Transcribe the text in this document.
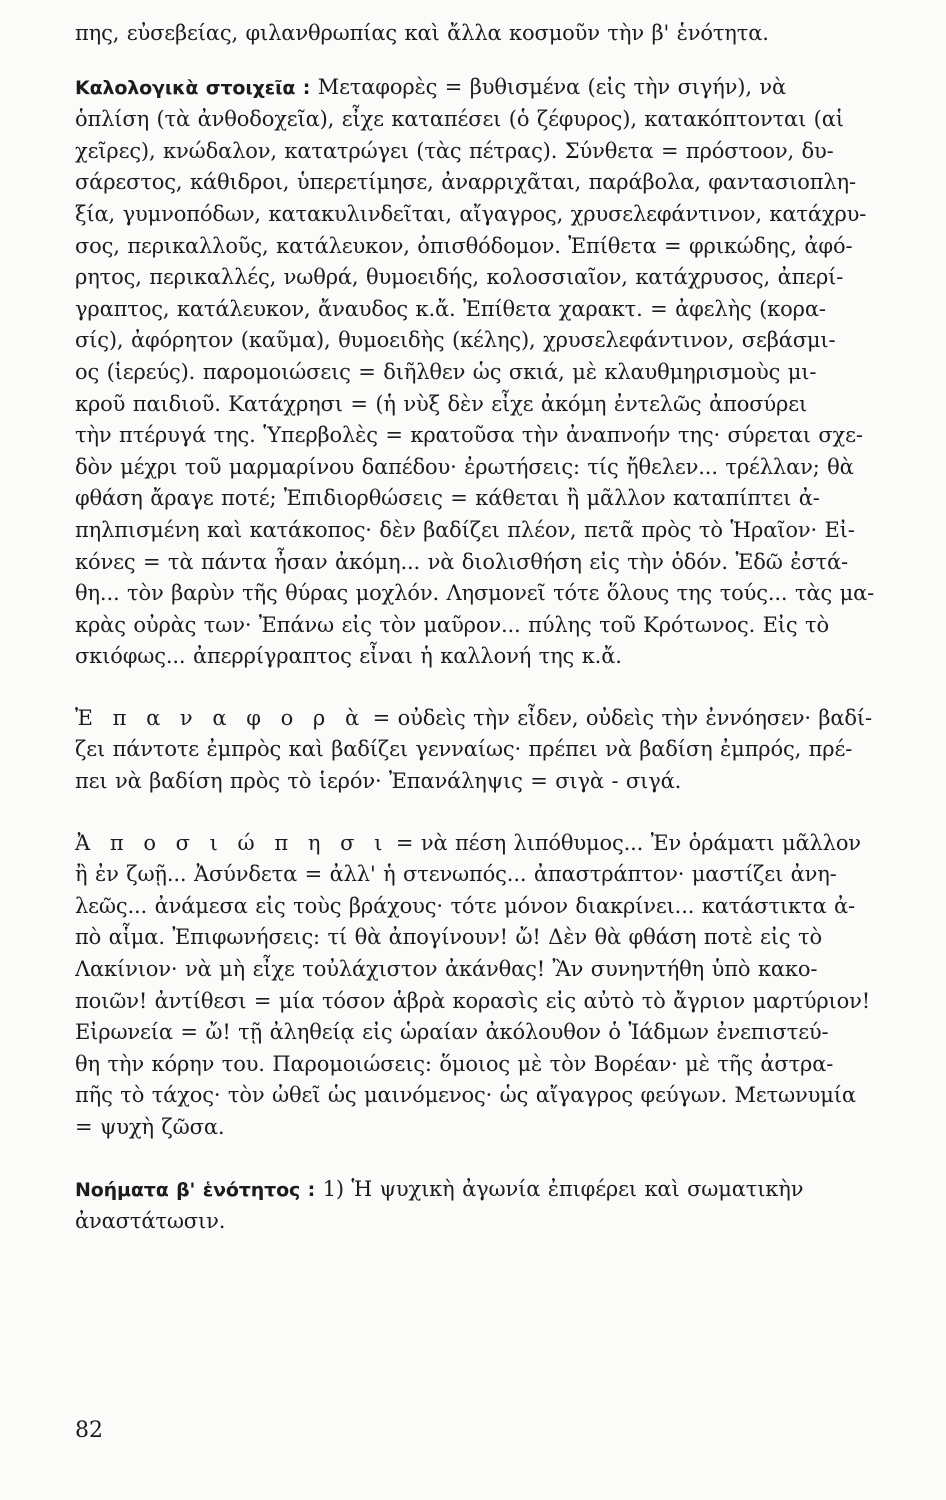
πης, εὐσεβείας, φιλανθρωπίας καὶ ἄλλα κοσμοῦν τὴν β' ἑνότητα.
Καλολογικὰ στοιχεῖα : Μεταφορὲς = βυθισμένα (εἰς τὴν σιγήν), νὰ
ὁπλίση (τὰ ἀνθοδοχεῖα), εἶχε καταπέσει (ὁ ζέφυρος), κατακόπτονται (αἱ
χεῖρες), κνώδαλον, κατατρώγει (τὰς πέτρας). Σύνθετα = πρόστοον, δυ-
σάρεστος, κάθιδροι, ὑπερετίμησε, ἀναρριχᾶται, παράβολα, φαντασιοπλη-
ξία, γυμνοπόδων, κατακυλινδεῖται, αἴγαγρος, χρυσελεφάντινον, κατάχρυ-
σος, περικαλλοῦς, κατάλευκον, ὀπισθόδομον. Ἐπίθετα = φρικώδης, ἀφό-
ρητος, περικαλλές, νωθρά, θυμοειδής, κολοσσιαῖον, κατάχρυσος, ἀπερί-
γραπτος, κατάλευκον, ἄναυδος κ.ἄ. Ἐπίθετα χαρακτ. = ἀφελὴς (κορα-
σίς), ἀφόρητον (καῦμα), θυμοειδὴς (κέλης), χρυσελεφάντινον, σεβάσμι-
ος (ἱερεύς). παρομοιώσεις = διῆλθεν ὡς σκιά, μὲ κλαυθμηρισμοὺς μι-
κροῦ παιδιοῦ. Κατάχρησι = (ἡ νὺξ δὲν εἶχε ἀκόμη ἐντελῶς ἀποσύρει
τὴν πτέρυγά της. Ὑπερβολὲς = κρατοῦσα τὴν ἀναπνοήν της· σύρεται σχε-
δὸν μέχρι τοῦ μαρμαρίνου δαπέδου· ἐρωτήσεις: τίς ἤθελεν... τρέλλαν; θὰ
φθάση ἄραγε ποτέ; Ἐπιδιορθώσεις = κάθεται ἢ μᾶλλον καταπίπτει ἀ-
πηλπισμένη καὶ κατάκοπος· δὲν βαδίζει πλέον, πετᾶ πρὸς τὸ Ἡραῖον· Εἰ-
κόνες = τὰ πάντα ἦσαν ἀκόμη... νὰ διολισθήση εἰς τὴν ὁδόν. Ἐδῶ ἐστά-
θη... τὸν βαρὺν τῆς θύρας μοχλόν. Λησμονεῖ τότε ὅλους της τούς... τὰς μα-
κρὰς οὐρὰς των· Ἐπάνω εἰς τὸν μαῦρον... πύλης τοῦ Κρότωνος. Εἰς τὸ
σκιόφως... ἀπερρίγραπτος εἶναι ἡ καλλονή της κ.ἄ.
Ἐ π α ν α φ ο ρ ὰ = οὐδεὶς τὴν εἶδεν, οὐδεὶς τὴν ἐννόησεν· βαδί-
ζει πάντοτε ἐμπρὸς καὶ βαδίζει γενναίως· πρέπει νὰ βαδίση ἐμπρός, πρέ-
πει νὰ βαδίση πρὸς τὸ ἱερόν· Ἐπανάληψις = σιγὰ - σιγά.
Ἀ π ο σ ι ώ π η σ ι = νὰ πέση λιπόθυμος... Ἐν ὁράματι μᾶλλον
ἢ ἐν ζωῇ... Ἀσύνδετα = ἀλλ' ἡ στενωπός... ἀπαστράπτον· μαστίζει ἀνη-
λεῶς... ἀνάμεσα εἰς τοὺς βράχους· τότε μόνον διακρίνει... κατάστικτα ἀ-
πὸ αἷμα. Ἐπιφωνήσεις: τί θὰ ἀπογίνουν! ὤ! Δὲν θὰ φθάση ποτὲ εἰς τὸ
Λακίνιον· νὰ μὴ εἶχε τοὐλάχιστον ἀκάνθας! Ἂν συνηντήθη ὑπὸ κακο-
ποιῶν! ἀντίθεσι = μία τόσον ἁβρὰ κορασὶς εἰς αὐτὸ τὸ ἄγριον μαρτύριον!
Εἰρωνεία = ὤ! τῇ ἀληθείᾳ εἰς ὡραίαν ἀκόλουθον ὁ Ἰάδμων ἐνεπιστεύ-
θη τὴν κόρην του. Παρομοιώσεις: ὅμοιος μὲ τὸν Βορέαν· μὲ τῆς ἀστρα-
πῆς τὸ τάχος· τὸν ὠθεῖ ὡς μαινόμενος· ὡς αἴγαγρος φεύγων. Μετωνυμία
= ψυχὴ ζῶσα.
Νοήματα β' ἑνότητος : 1) Ἡ ψυχικὴ ἀγωνία ἐπιφέρει καὶ σωματικὴν
ἀναστάτωσιν.
82
